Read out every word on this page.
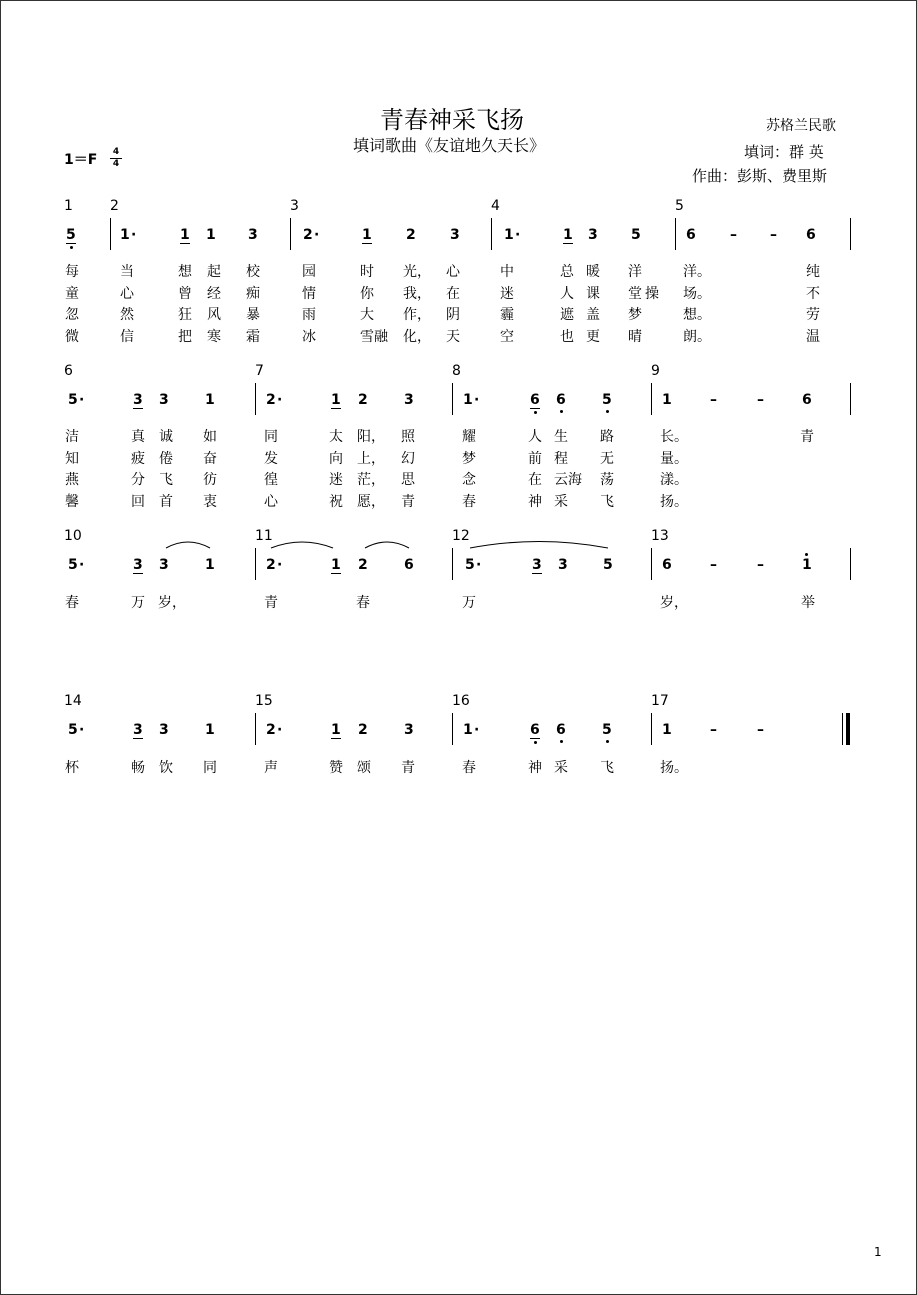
青春神采飞扬
填词歌曲《友谊地久天长》
苏格兰民歌
填词：群 英
作曲：彭斯、费里斯
1＝F	4
4
1
1	2	3	4	5
5	1 ·	1 1 3	2 ·	1 2 3	1 ·	1 3 5	6 – – 6
每	当	想 起 校	园	时 光， 心	中	总 暖 洋	洋。	纯
童	心	曾 经 痴	情	你 我， 在	迷	人 课 堂 操 场。	不
忽	然	狂 风 暴	雨	大 作， 阴	霾	遮 盖 梦	想。	劳
微	信	把 寒 霜	冰	雪融 化， 天	空	也 更 晴	朗。	温
6	7	8	9
5 ·	3 3	1	2 ·	1 2	3	1 ·	6 6	5	1	–	–	6
洁	真 诚 如	同	太 阳， 照	耀	人 生 路	长。	青
知	疲 倦 奋	发	向 上， 幻	梦	前 程 无	量。
燕	分 飞 彷	徨	迷 茫， 思	念	在 云海 荡	漾。
馨	回 首 衷	心	祝 愿， 青	春	神 采 飞	扬。
10	11	12	13
5 ·	3 3	1	2 ·	1 2	6	5 ·	3 3	5	6	–	–	1
春	万 岁，	青	春	万	岁，	举
14	15	16	17
5 ·	3 3	1	2 ·	1 2	3	1 ·	6 6	5	1	–	–
杯	畅 饮 同	声	赞 颂 青	春	神 采 飞	扬。
